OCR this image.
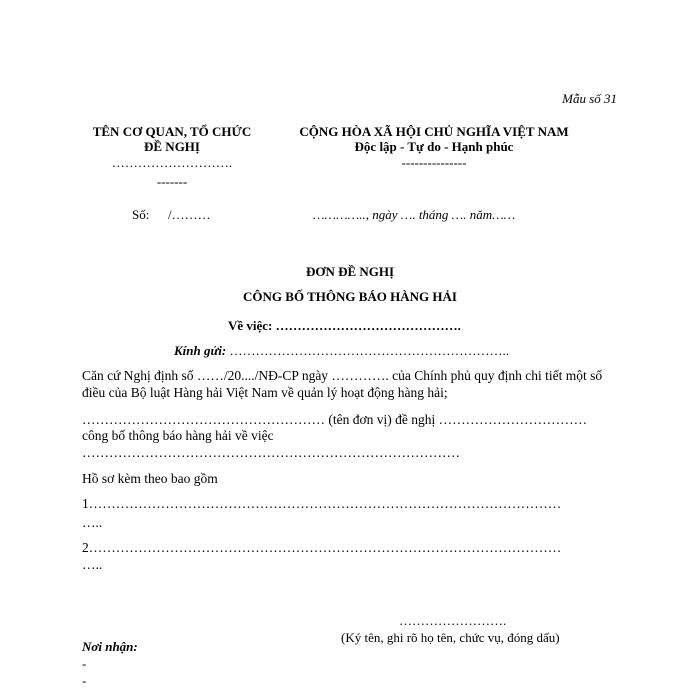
Mẫu số 31
TÊN CƠ QUAN, TỔ CHỨC
ĐỀ NGHỊ
……………………….
-------
CỘNG HÒA XÃ HỘI CHỦ NGHĨA VIỆT NAM
Độc lập - Tự do - Hạnh phúc
---------------
Số: /………	………….., ngày …. tháng …. năm……
ĐƠN ĐỀ NGHỊ
CÔNG BỐ THÔNG BÁO HÀNG HẢI
Về việc: …………………………………….
Kính gửi: ………………………………………………………..
Căn cứ Nghị định số ……/20..../NĐ-CP ngày …………. của Chính phủ quy định chi tiết một số
điều của Bộ luật Hàng hải Việt Nam về quản lý hoạt động hàng hải;
……………………………………………… (tên đơn vị) đề nghị ……………………………
công bố thông báo hàng hải về việc
…………………………………………………………………………
Hồ sơ kèm theo bao gồm
1……………………………………………………………………………………………
…..
2……………………………………………………………………………………………
…..
…………………….
(Ký tên, ghi rõ họ tên, chức vụ, đóng dấu)
Nơi nhận:
-
-
